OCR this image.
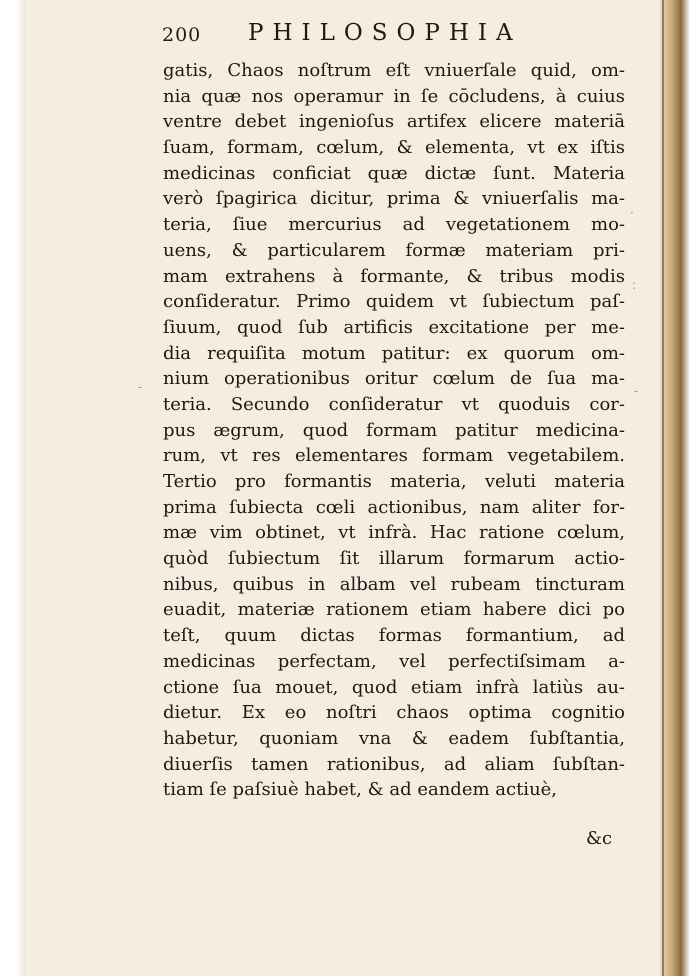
200 PHILOSOPHIA
gatis, Chaos noſtrum eſt vniuerſale quid, om-
nia quæ nos operamur in ſe cōcludens, à cuius
ventre debet ingenioſus artifex elicere materiā
ſuam, formam, cœlum, & elementa, vt ex iſtis
medicinas conficiat quæ dictæ ſunt. Materia
verò ſpagirica dicitur, prima & vniuerſalis ma-
teria, ſiue mercurius ad vegetationem mo-
uens, & particularem formæ materiam pri-
mam extrahens à formante, & tribus modis
conſideratur. Primo quidem vt ſubiectum paſ-
ſiuum, quod ſub artificis excitatione per me-
dia requiſita motum patitur: ex quorum om-
nium operationibus oritur cœlum de ſua ma-
teria. Secundo conſideratur vt quoduis cor-
pus ægrum, quod formam patitur medicina-
rum, vt res elementares formam vegetabilem.
Tertio pro formantis materia, veluti materia
prima ſubiecta cœli actionibus, nam aliter for-
mæ vim obtinet, vt infrà. Hac ratione cœlum,
quòd ſubiectum ſit illarum formarum actio-
nibus, quibus in albam vel rubeam tincturam
euadit, materiæ rationem etiam habere dici po
teſt, quum dictas formas formantium, ad
medicinas perfectam, vel perfectiſsimam a-
ctione ſua mouet, quod etiam infrà latiùs au-
dietur. Ex eo noſtri chaos optima cognitio
habetur, quoniam vna & eadem ſubſtantia,
diuerſis tamen rationibus, ad aliam ſubſtan-
tiam ſe paſsiuè habet, & ad eandem actiuè,
&c
·
:
-	-
